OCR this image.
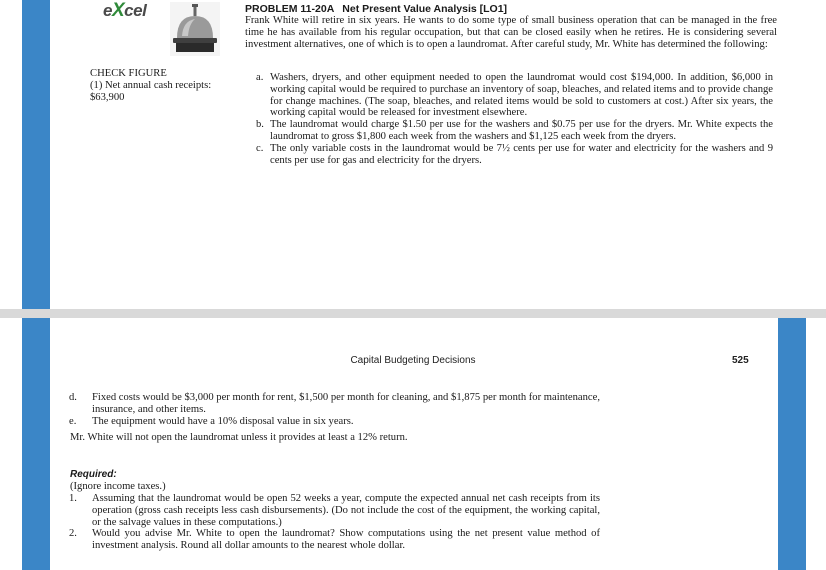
eXcel	PROBLEM 11-20A Net Present Value Analysis [LO1]
Frank White will retire in six years. He wants to do some type of small business operation that can be managed in the free time he has available from his regular occupation, but that can be closed easily when he retires. He is considering several investment alternatives, one of which is to open a laundromat. After careful study, Mr. White has determined the following:
CHECK FIGURE
(1) Net annual cash receipts: $63,900
a. Washers, dryers, and other equipment needed to open the laundromat would cost $194,000. In addition, $6,000 in working capital would be required to purchase an inventory of soap, bleaches, and related items and to provide change for change machines. (The soap, bleaches, and related items would be sold to customers at cost.) After six years, the working capital would be released for investment elsewhere.
b. The laundromat would charge $1.50 per use for the washers and $0.75 per use for the dryers. Mr. White expects the laundromat to gross $1,800 each week from the washers and $1,125 each week from the dryers.
c. The only variable costs in the laundromat would be 7½ cents per use for water and electricity for the washers and 9 cents per use for gas and electricity for the dryers.
Capital Budgeting Decisions	525
d. Fixed costs would be $3,000 per month for rent, $1,500 per month for cleaning, and $1,875 per month for maintenance, insurance, and other items.
e. The equipment would have a 10% disposal value in six years.
Mr. White will not open the laundromat unless it provides at least a 12% return.
Required:
(Ignore income taxes.)
1. Assuming that the laundromat would be open 52 weeks a year, compute the expected annual net cash receipts from its operation (gross cash receipts less cash disbursements). (Do not include the cost of the equipment, the working capital, or the salvage values in these computations.)
2. Would you advise Mr. White to open the laundromat? Show computations using the net present value method of investment analysis. Round all dollar amounts to the nearest whole dollar.
